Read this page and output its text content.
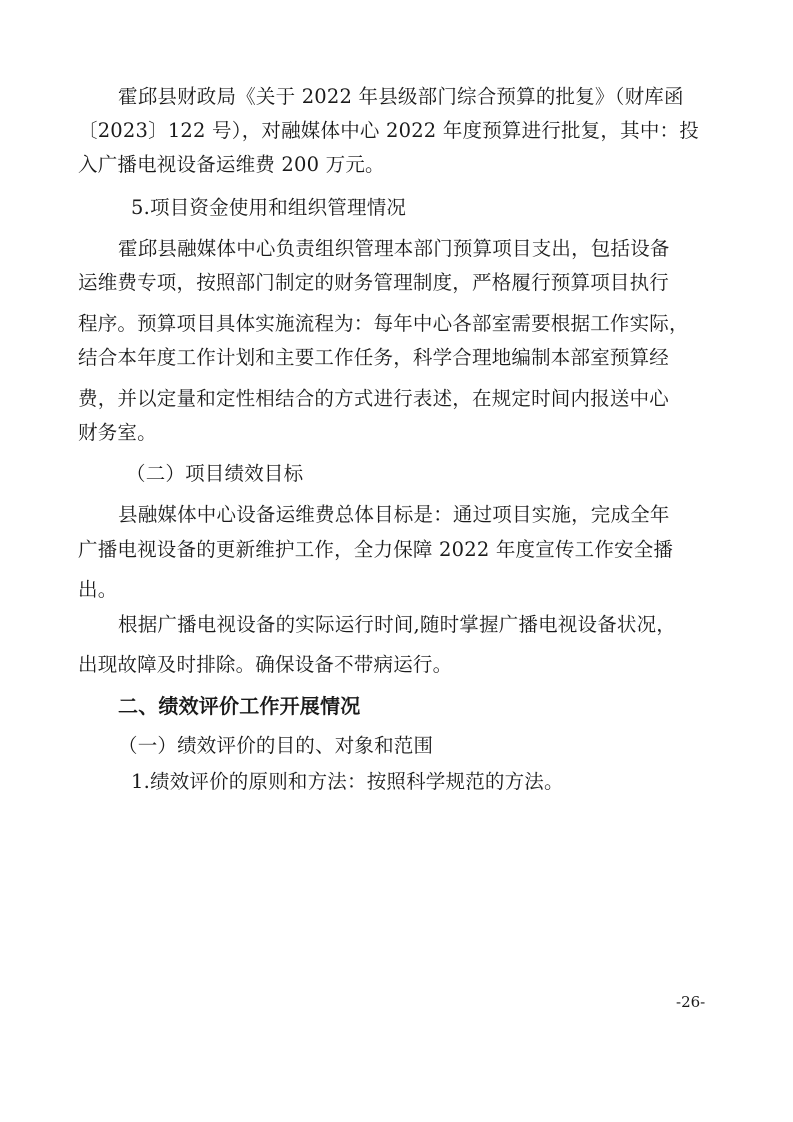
霍邱县财政局《关于 2022 年县级部门综合预算的批复》（财库函
〔2023〕122 号），对融媒体中心 2022 年度预算进行批复，其中：投
入广播电视设备运维费 200 万元。
5.项目资金使用和组织管理情况
霍邱县融媒体中心负责组织管理本部门预算项目支出，包括设备
运维费专项，按照部门制定的财务管理制度，严格履行预算项目执行
程序。预算项目具体实施流程为：每年中心各部室需要根据工作实际，
结合本年度工作计划和主要工作任务，科学合理地编制本部室预算经
费，并以定量和定性相结合的方式进行表述，在规定时间内报送中心
财务室。
（二）项目绩效目标
县融媒体中心设备运维费总体目标是：通过项目实施，完成全年
广播电视设备的更新维护工作，全力保障 2022 年度宣传工作安全播
出。
根据广播电视设备的实际运行时间,随时掌握广播电视设备状况，
出现故障及时排除。确保设备不带病运行。
二、绩效评价工作开展情况
（一）绩效评价的目的、对象和范围
1.绩效评价的原则和方法：按照科学规范的方法。
-26-
